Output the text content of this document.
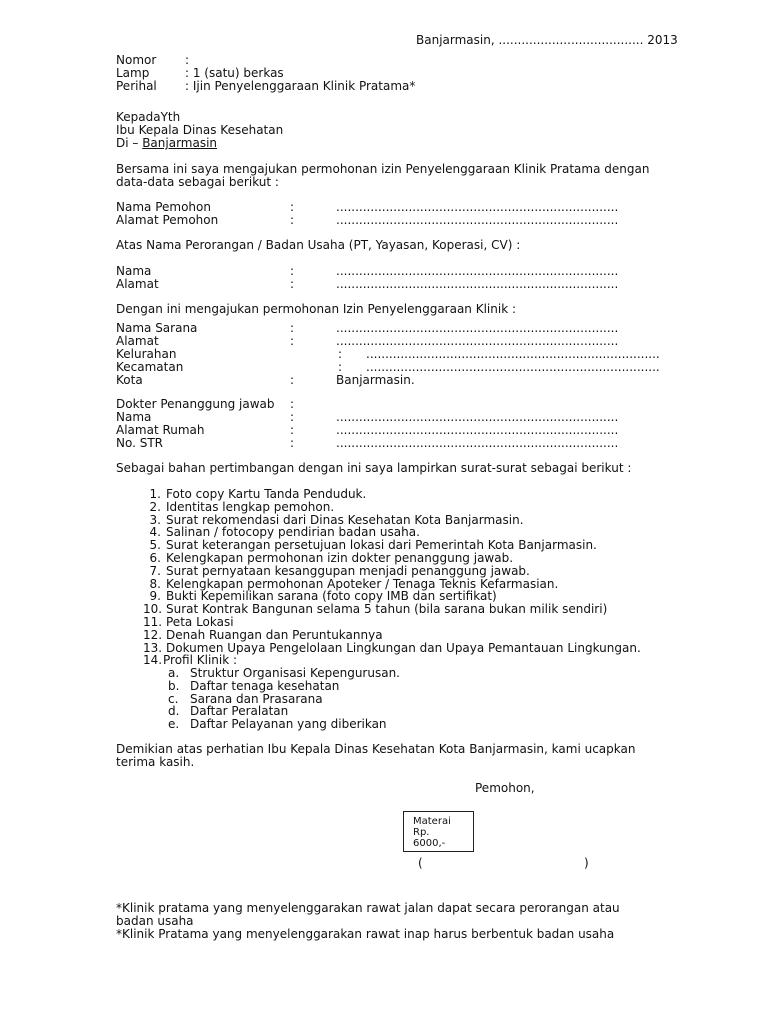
Banjarmasin, ...................................... 2013
Nomor :
Lamp	: 1 (satu) berkas
Perihal : Ijin Penyelenggaraan Klinik Pratama*
KepadaYth
Ibu Kepala Dinas Kesehatan
Di – Banjarmasin
Bersama ini saya mengajukan permohonan izin Penyelenggaraan Klinik Pratama dengan data-data sebagai berikut :
Nama Pemohon	:	..........................................................................
Alamat Pemohon	:	..........................................................................
Atas Nama Perorangan / Badan Usaha (PT, Yayasan, Koperasi, CV) :
Nama	:	..........................................................................
Alamat	:	..........................................................................
Dengan ini mengajukan permohonan Izin Penyelenggaraan Klinik :
Nama Sarana	:	..........................................................................
Alamat	:	..........................................................................
Kelurahan	: .............................................................................
Kecamatan	: .............................................................................
Kota	:	Banjarmasin.
Dokter Penanggung jawab :
Nama	:	..........................................................................
Alamat Rumah	:	..........................................................................
No. STR	:	..........................................................................
Sebagai bahan pertimbangan dengan ini saya lampirkan surat-surat sebagai berikut :
1. Foto copy Kartu Tanda Penduduk.
2. Identitas lengkap pemohon.
3. Surat rekomendasi dari Dinas Kesehatan Kota Banjarmasin.
4. Salinan / fotocopy pendirian badan usaha.
5. Surat keterangan persetujuan lokasi dari Pemerintah Kota Banjarmasin.
6. Kelengkapan permohonan izin dokter penanggung jawab.
7. Surat pernyataan kesanggupan menjadi penanggung jawab.
8. Kelengkapan permohonan Apoteker / Tenaga Teknis Kefarmasian.
9. Bukti Kepemilikan sarana (foto copy IMB dan sertifikat)
10. Surat Kontrak Bangunan selama 5 tahun (bila sarana bukan milik sendiri)
11. Peta Lokasi
12. Denah Ruangan dan Peruntukannya
13. Dokumen Upaya Pengelolaan Lingkungan dan Upaya Pemantauan Lingkungan.
14. Profil Klinik :
a. Struktur Organisasi Kepengurusan.
b. Daftar tenaga kesehatan
c. Sarana dan Prasarana
d. Daftar Peralatan
e. Daftar Pelayanan yang diberikan
Demikian atas perhatian Ibu Kepala Dinas Kesehatan Kota Banjarmasin, kami ucapkan terima kasih.
Pemohon,
Materai
Rp.
6000,-
(	)
*Klinik pratama yang menyelenggarakan rawat jalan dapat secara perorangan atau badan usaha
*Klinik Pratama yang menyelenggarakan rawat inap harus berbentuk badan usaha
